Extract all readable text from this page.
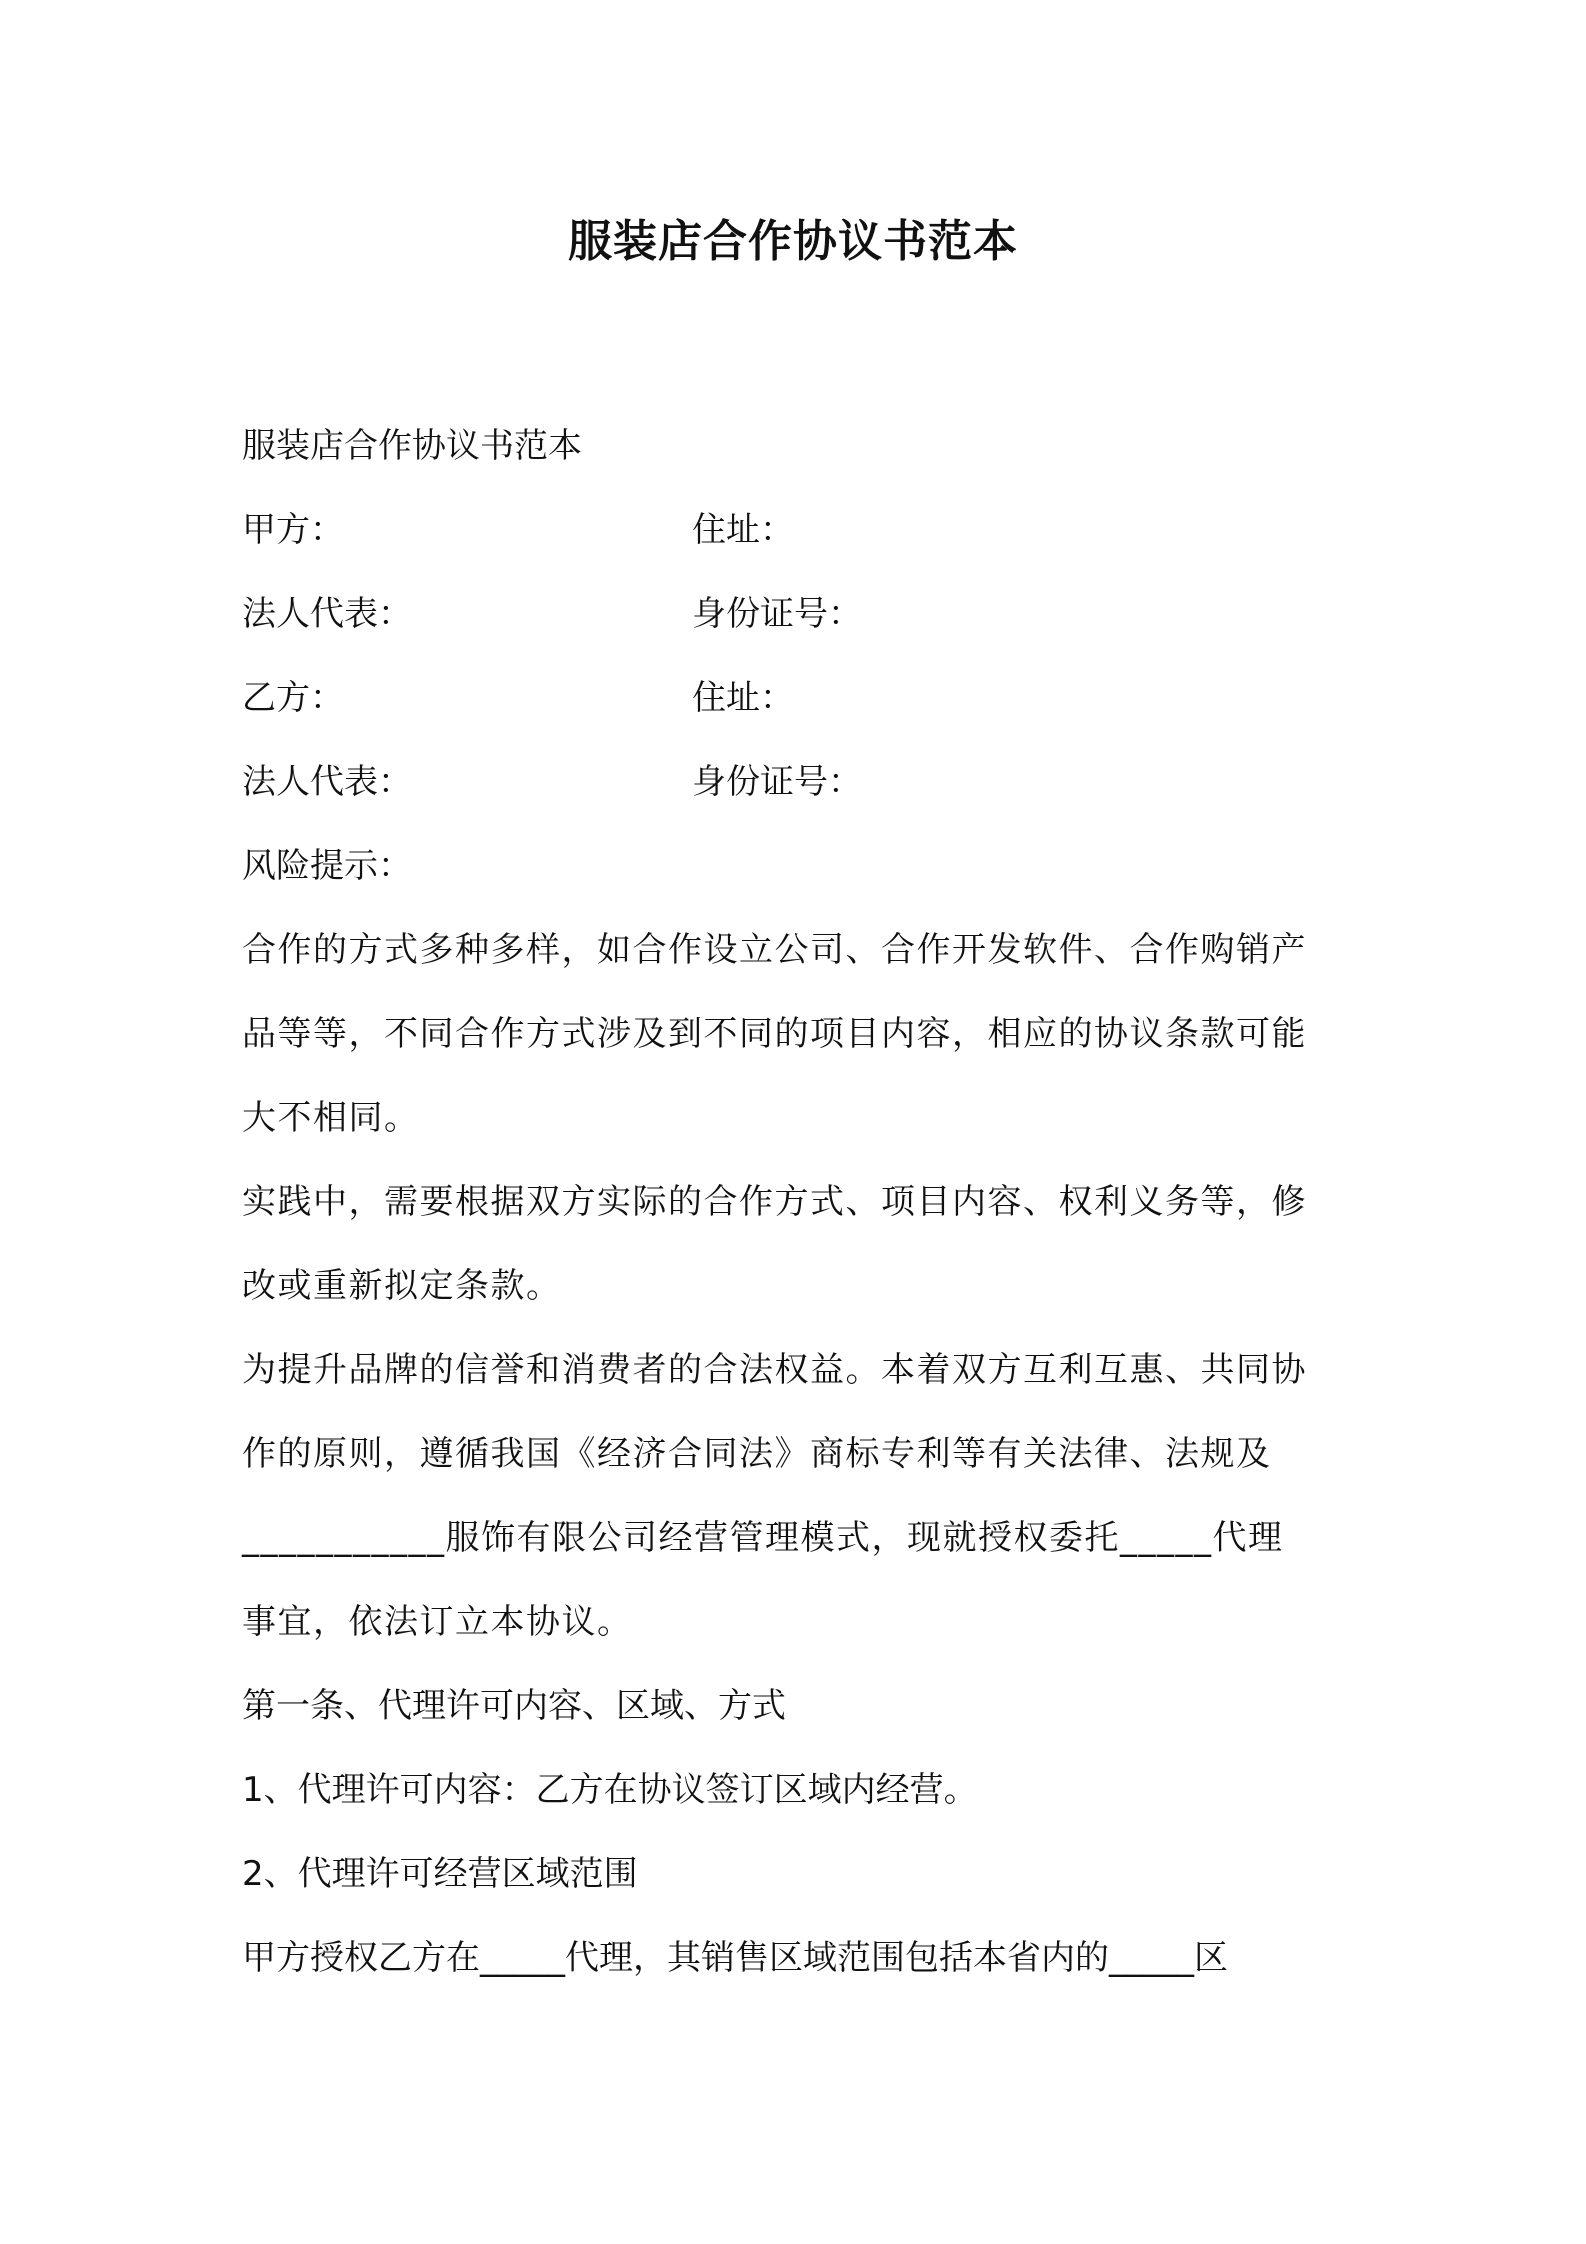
服装店合作协议书范本
服装店合作协议书范本
甲方：	住址：
法人代表：	身份证号：
乙方：	住址：
法人代表：	身份证号：
风险提示：
合作的方式多种多样，如合作设立公司、合作开发软件、合作购销产
品等等，不同合作方式涉及到不同的项目内容，相应的协议条款可能
大不相同。
实践中，需要根据双方实际的合作方式、项目内容、权利义务等，修
改或重新拟定条款。
为提升品牌的信誉和消费者的合法权益。本着双方互利互惠、共同协
作的原则，遵循我国《经济合同法》商标专利等有关法律、法规及
___________服饰有限公司经营管理模式，现就授权委托_____代理
事宜，依法订立本协议。
第一条、代理许可内容、区域、方式
1、代理许可内容：乙方在协议签订区域内经营。
2、代理许可经营区域范围
甲方授权乙方在_____代理，其销售区域范围包括本省内的_____区
